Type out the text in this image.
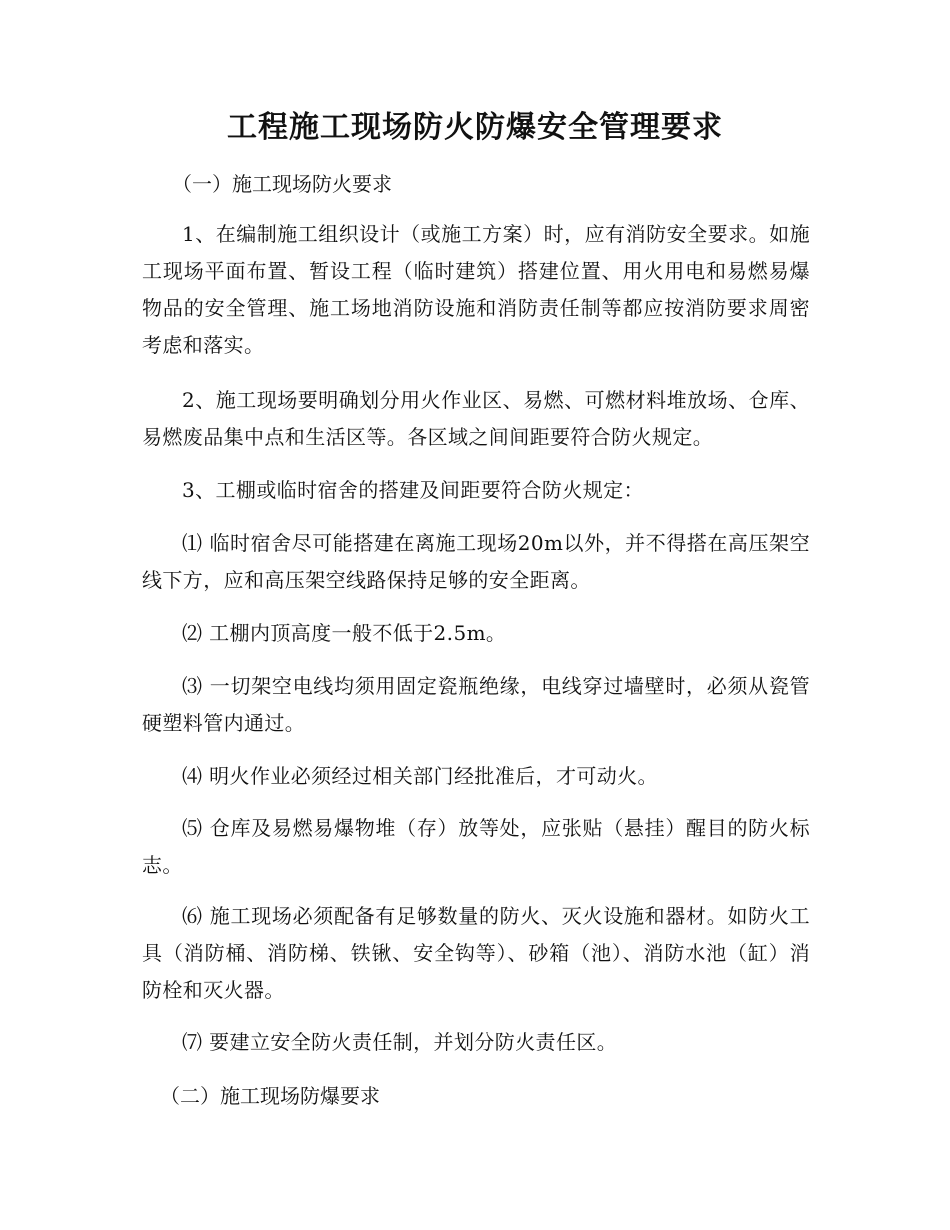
工程施工现场防火防爆安全管理要求

（一）施工现场防火要求

1、在编制施工组织设计（或施工方案）时，应有消防安全要求。如施工现场平面布置、暂设工程（临时建筑）搭建位置、用火用电和易燃易爆物品的安全管理、施工场地消防设施和消防责任制等都应按消防要求周密考虑和落实。

2、施工现场要明确划分用火作业区、易燃、可燃材料堆放场、仓库、易燃废品集中点和生活区等。各区域之间间距要符合防火规定。

3、工棚或临时宿舍的搭建及间距要符合防火规定：

⑴ 临时宿舍尽可能搭建在离施工现场20m以外，并不得搭在高压架空线下方，应和高压架空线路保持足够的安全距离。

⑵ 工棚内顶高度一般不低于2.5m。

⑶ 一切架空电线均须用固定瓷瓶绝缘，电线穿过墙壁时，必须从瓷管硬塑料管内通过。

⑷ 明火作业必须经过相关部门经批准后，才可动火。

⑸ 仓库及易燃易爆物堆（存）放等处，应张贴（悬挂）醒目的防火标志。

⑹ 施工现场必须配备有足够数量的防火、灭火设施和器材。如防火工具（消防桶、消防梯、铁锹、安全钩等）、砂箱（池）、消防水池（缸）消防栓和灭火器。

⑺ 要建立安全防火责任制，并划分防火责任区。

（二）施工现场防爆要求
